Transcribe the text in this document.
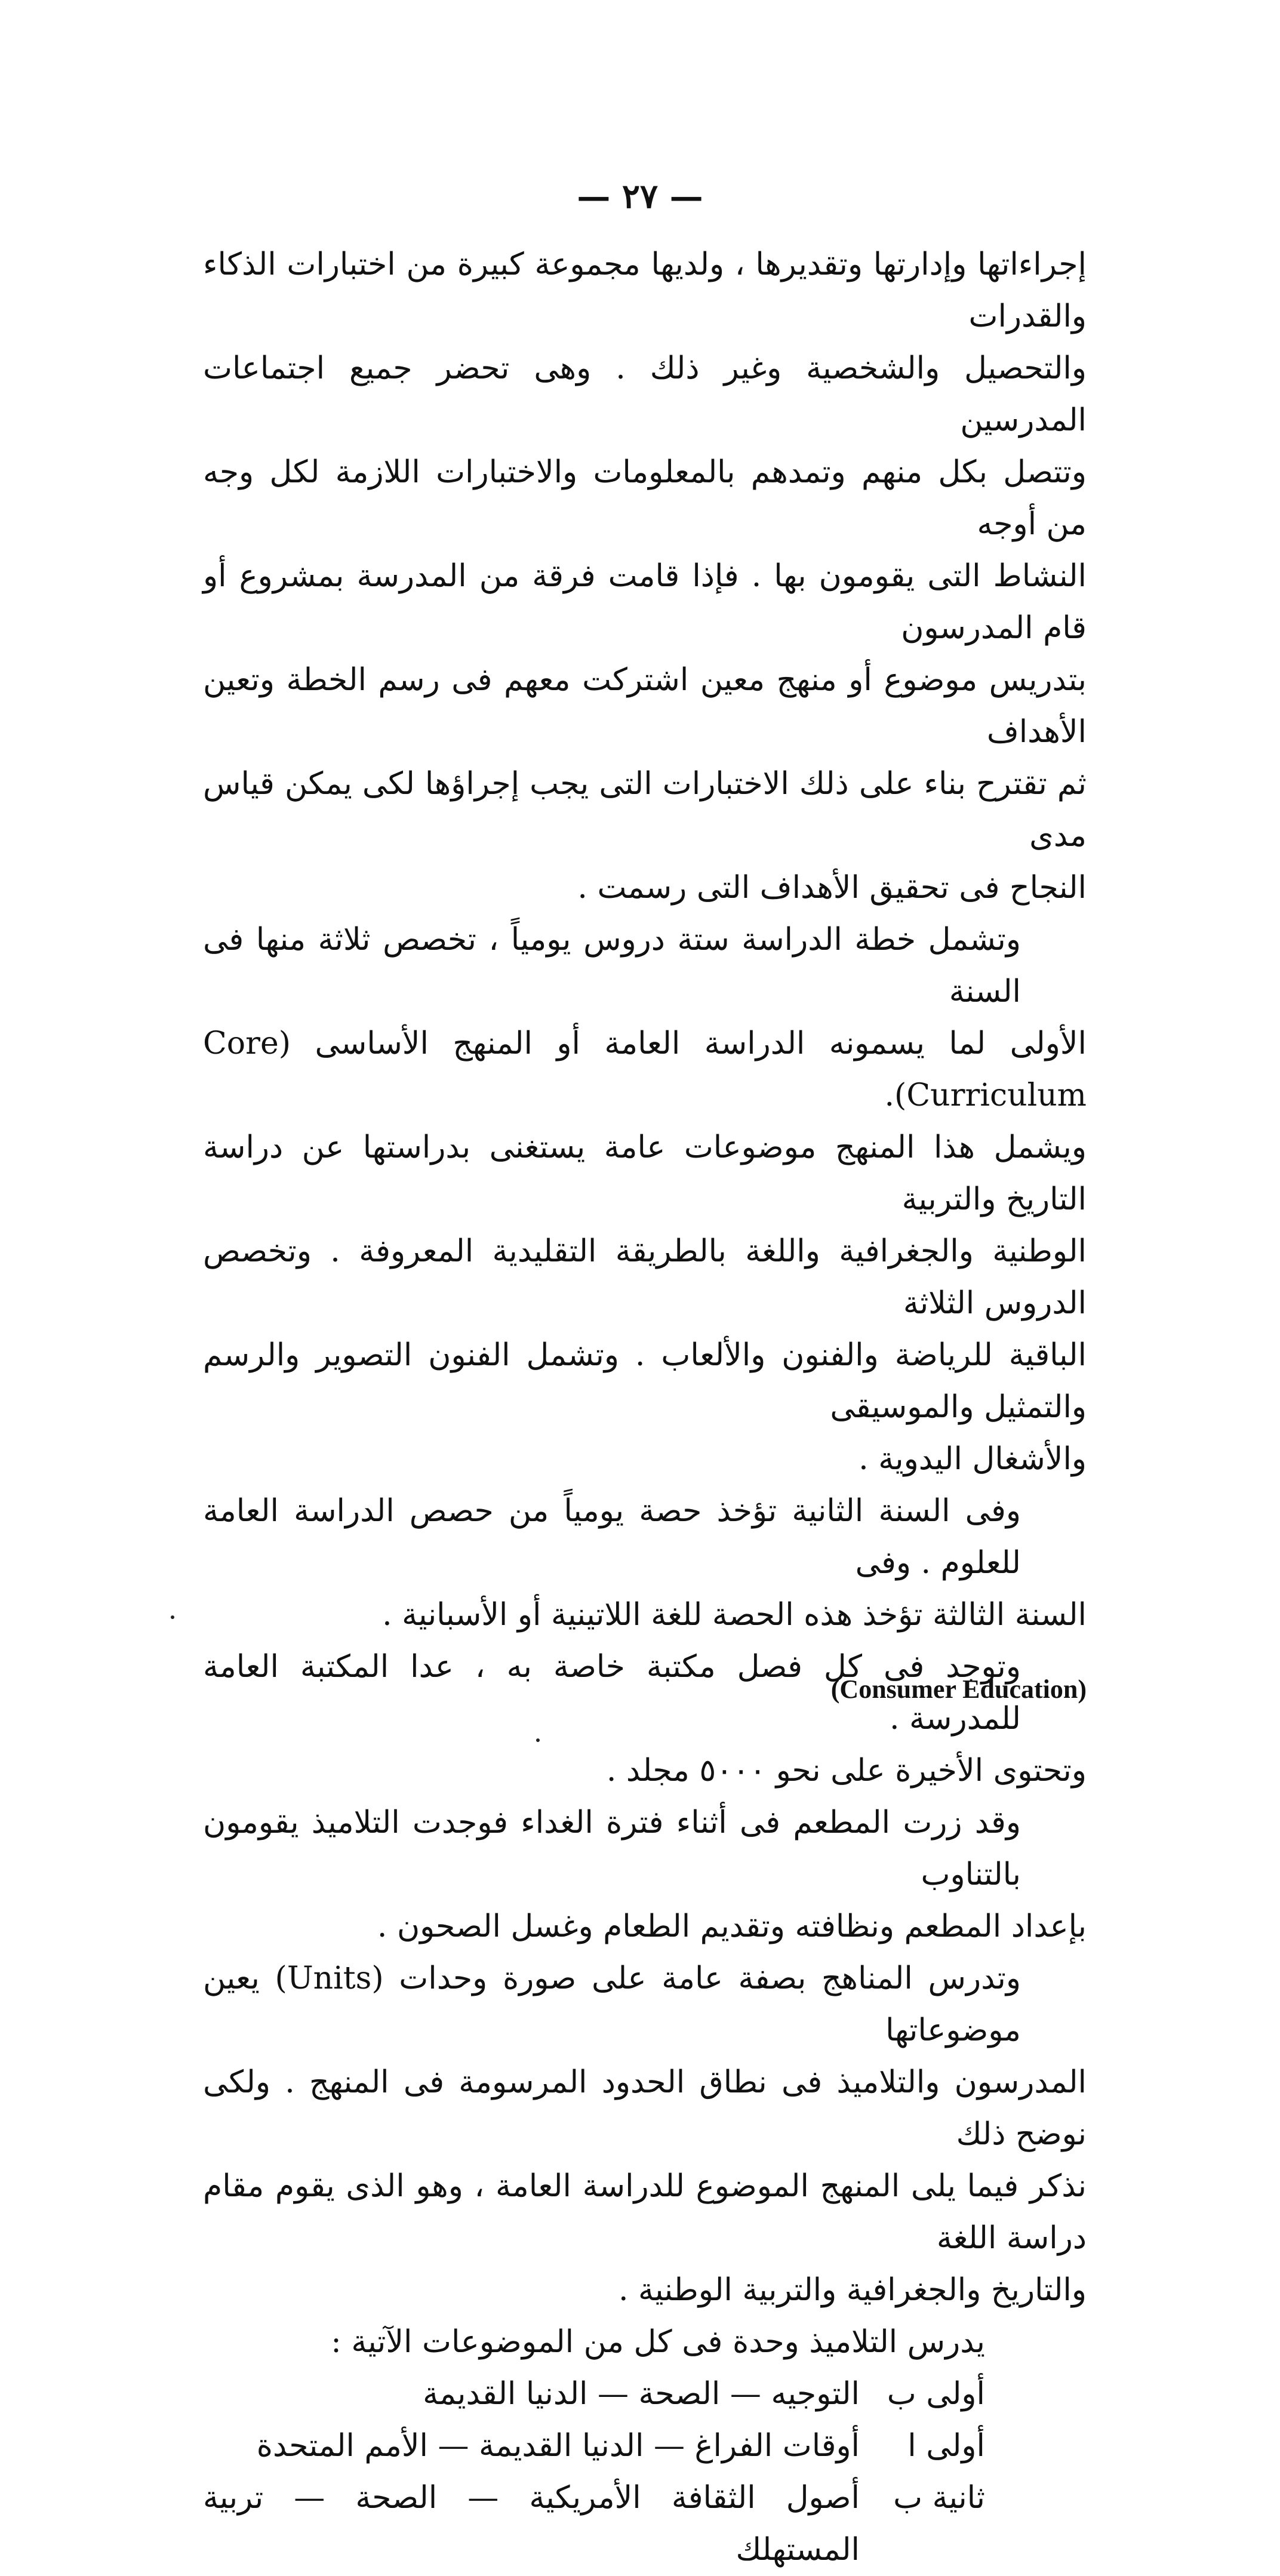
— ٢٧ —

إجراءاتها وإدارتها وتقديرها ، ولديها مجموعة كبيرة من اختبارات الذكاء والقدرات
والتحصيل والشخصية وغير ذلك . وهى تحضر جميع اجتماعات المدرسين
وتتصل بكل منهم وتمدهم بالمعلومات والاختبارات اللازمة لكل وجه من أوجه
النشاط التى يقومون بها . فإذا قامت فرقة من المدرسة بمشروع أو قام المدرسون
بتدريس موضوع أو منهج معين اشتركت معهم فى رسم الخطة وتعين الأهداف
ثم تقترح بناء على ذلك الاختبارات التى يجب إجراؤها لكى يمكن قياس مدى
النجاح فى تحقيق الأهداف التى رسمت .

وتشمل خطة الدراسة ستة دروس يومياً ، تخصص ثلاثة منها فى السنة
الأولى لما يسمونه الدراسة العامة أو المنهج الأساسى (Core Curriculum).
ويشمل هذا المنهج موضوعات عامة يستغنى بدراستها عن دراسة التاريخ والتربية
الوطنية والجغرافية واللغة بالطريقة التقليدية المعروفة . وتخصص الدروس الثلاثة
الباقية للرياضة والفنون والألعاب . وتشمل الفنون التصوير والرسم والتمثيل والموسيقى
والأشغال اليدوية .

وفى السنة الثانية تؤخذ حصة يومياً من حصص الدراسة العامة للعلوم . وفى
السنة الثالثة تؤخذ هذه الحصة للغة اللاتينية أو الأسبانية .

وتوجد فى كل فصل مكتبة خاصة به ، عدا المكتبة العامة للمدرسة .
وتحتوى الأخيرة على نحو ٥٠٠٠ مجلد .

وقد زرت المطعم فى أثناء فترة الغداء فوجدت التلاميذ يقومون بالتناوب
بإعداد المطعم ونظافته وتقديم الطعام وغسل الصحون .

وتدرس المناهج بصفة عامة على صورة وحدات (Units) يعين موضوعاتها
المدرسون والتلاميذ فى نطاق الحدود المرسومة فى المنهج . ولكى نوضح ذلك
نذكر فيما يلى المنهج الموضوع للدراسة العامة ، وهو الذى يقوم مقام دراسة اللغة
والتاريخ والجغرافية والتربية الوطنية .

يدرس التلاميذ وحدة فى كل من الموضوعات الآتية :
أولى ب
التوجيه — الصحة — الدنيا القديمة
أولى ا
أوقات الفراغ — الدنيا القديمة — الأمم المتحدة
ثانية ب
أصول الثقافة الأمريكية — الصحة — تربية المستهلك
(Consumer Education)
